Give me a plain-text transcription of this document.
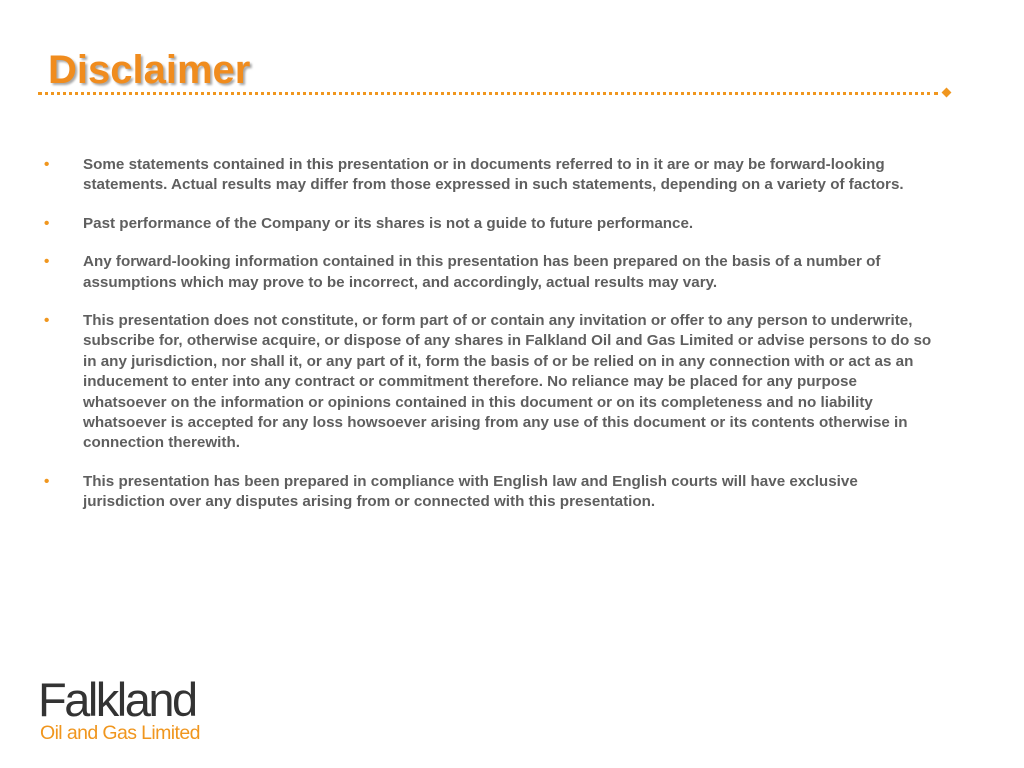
Disclaimer
• Some statements contained in this presentation or in documents referred to in it are or may be forward-looking statements. Actual results may differ from those expressed in such statements, depending on a variety of factors.
• Past performance of the Company or its shares is not a guide to future performance.
• Any forward-looking information contained in this presentation has been prepared on the basis of a number of assumptions which may prove to be incorrect, and accordingly, actual results may vary.
• This presentation does not constitute, or form part of or contain any invitation or offer to any person to underwrite, subscribe for, otherwise acquire, or dispose of any shares in Falkland Oil and Gas Limited or advise persons to do so in any jurisdiction, nor shall it, or any part of it, form the basis of or be relied on in any connection with or act as an inducement to enter into any contract or commitment therefore. No reliance may be placed for any purpose whatsoever on the information or opinions contained in this document or on its completeness and no liability whatsoever is accepted for any loss howsoever arising from any use of this document or its contents otherwise in connection therewith.
• This presentation has been prepared in compliance with English law and English courts will have exclusive jurisdiction over any disputes arising from or connected with this presentation.
Falkland
Oil and Gas Limited
